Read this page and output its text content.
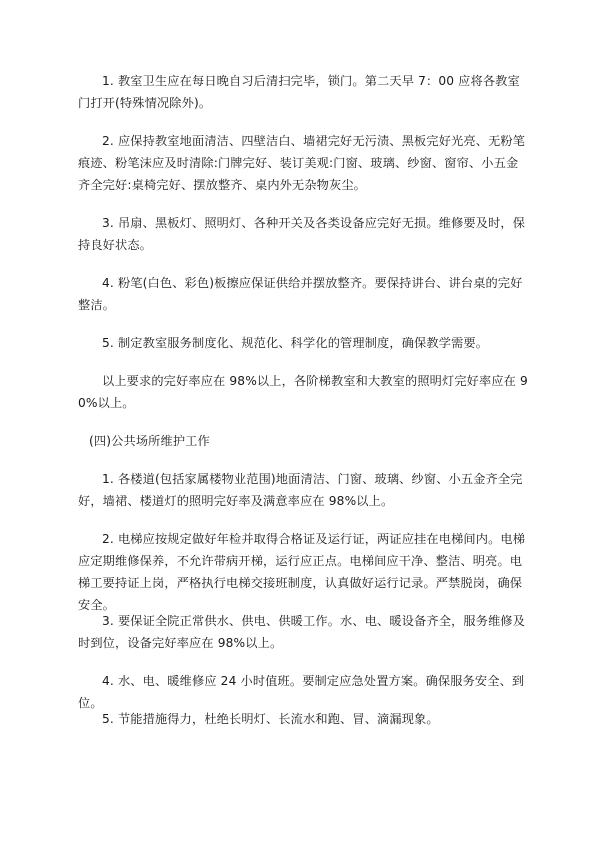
1. 教室卫生应在每日晚自习后清扫完毕，锁门。第二天早 7：00 应将各教室门打开(特殊情况除外)。

2. 应保持教室地面清洁、四壁洁白、墙裙完好无污渍、黑板完好光亮、无粉笔痕迹、粉笔沫应及时清除:门牌完好、装订美观:门窗、玻璃、纱窗、窗帘、小五金齐全完好:桌椅完好、摆放整齐、桌内外无杂物灰尘。

3. 吊扇、黑板灯、照明灯、各种开关及各类设备应完好无损。维修要及时，保持良好状态。

4. 粉笔(白色、彩色)板擦应保证供给并摆放整齐。要保持讲台、讲台桌的完好整洁。

5. 制定教室服务制度化、规范化、科学化的管理制度，确保教学需要。

以上要求的完好率应在 98%以上，各阶梯教室和大教室的照明灯完好率应在 90%以上。

(四)公共场所维护工作

1. 各楼道(包括家属楼物业范围)地面清洁、门窗、玻璃、纱窗、小五金齐全完好，墙裙、楼道灯的照明完好率及满意率应在 98%以上。

2. 电梯应按规定做好年检并取得合格证及运行证，两证应挂在电梯间内。电梯应定期维修保养，不允许带病开梯，运行应正点。电梯间应干净、整洁、明亮。电梯工要持证上岗，严格执行电梯交接班制度，认真做好运行记录。严禁脱岗，确保安全。

3. 要保证全院正常供水、供电、供暖工作。水、电、暖设备齐全，服务维修及时到位，设备完好率应在 98%以上。

4. 水、电、暖维修应 24 小时值班。要制定应急处置方案。确保服务安全、到位。

5. 节能措施得力，杜绝长明灯、长流水和跑、冒、滴漏现象。
